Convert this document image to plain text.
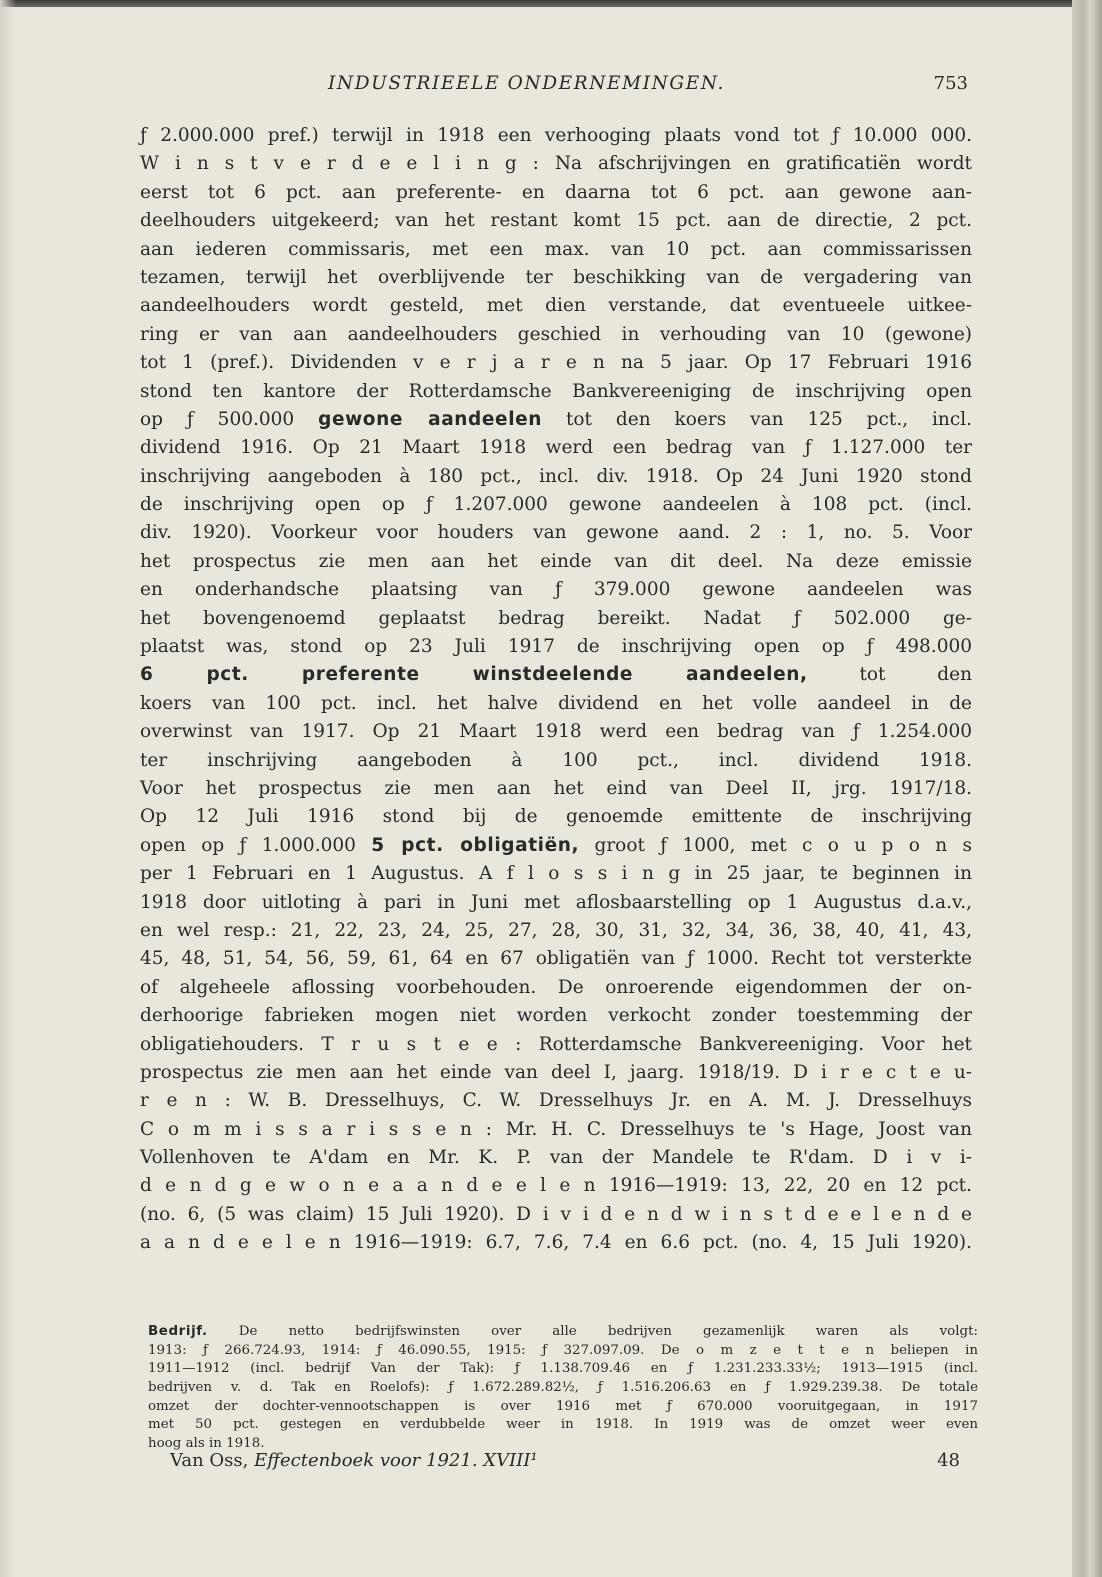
INDUSTRIEELE ONDERNEMINGEN.	753
ƒ 2.000.000 pref.) terwijl in 1918 een verhooging plaats vond tot ƒ 10.000 000.
W i n s t v e r d e e l i n g : Na afschrijvingen en gratificatiën wordt
eerst tot 6 pct. aan preferente- en daarna tot 6 pct. aan gewone aan-
deelhouders uitgekeerd; van het restant komt 15 pct. aan de directie, 2 pct.
aan iederen commissaris, met een max. van 10 pct. aan commissarissen
tezamen, terwijl het overblijvende ter beschikking van de vergadering van
aandeelhouders wordt gesteld, met dien verstande, dat eventueele uitkee-
ring er van aan aandeelhouders geschied in verhouding van 10 (gewone)
tot 1 (pref.). Dividenden v e r j a r e n na 5 jaar. Op 17 Februari 1916
stond ten kantore der Rotterdamsche Bankvereeniging de inschrijving open
op ƒ 500.000 gewone aandeelen tot den koers van 125 pct., incl.
dividend 1916. Op 21 Maart 1918 werd een bedrag van ƒ 1.127.000 ter
inschrijving aangeboden à 180 pct., incl. div. 1918. Op 24 Juni 1920 stond
de inschrijving open op ƒ 1.207.000 gewone aandeelen à 108 pct. (incl.
div. 1920). Voorkeur voor houders van gewone aand. 2 : 1, no. 5. Voor
het prospectus zie men aan het einde van dit deel. Na deze emissie
en onderhandsche plaatsing van ƒ 379.000 gewone aandeelen was
het bovengenoemd geplaatst bedrag bereikt. Nadat ƒ 502.000 ge-
plaatst was, stond op 23 Juli 1917 de inschrijving open op ƒ 498.000
6 pct. preferente winstdeelende aandeelen, tot den
koers van 100 pct. incl. het halve dividend en het volle aandeel in de
overwinst van 1917. Op 21 Maart 1918 werd een bedrag van ƒ 1.254.000
ter inschrijving aangeboden à 100 pct., incl. dividend 1918.
Voor het prospectus zie men aan het eind van Deel II, jrg. 1917/18.
Op 12 Juli 1916 stond bij de genoemde emittente de inschrijving
open op ƒ 1.000.000 5 pct. obligatiën, groot ƒ 1000, met c o u p o n s
per 1 Februari en 1 Augustus. A f l o s s i n g in 25 jaar, te beginnen in
1918 door uitloting à pari in Juni met aflosbaarstelling op 1 Augustus d.a.v.,
en wel resp.: 21, 22, 23, 24, 25, 27, 28, 30, 31, 32, 34, 36, 38, 40, 41, 43,
45, 48, 51, 54, 56, 59, 61, 64 en 67 obligatiën van ƒ 1000. Recht tot versterkte
of algeheele aflossing voorbehouden. De onroerende eigendommen der on-
derhoorige fabrieken mogen niet worden verkocht zonder toestemming der
obligatiehouders. T r u s t e e : Rotterdamsche Bankvereeniging. Voor het
prospectus zie men aan het einde van deel I, jaarg. 1918/19. D i r e c t e u-
r e n : W. B. Dresselhuys, C. W. Dresselhuys Jr. en A. M. J. Dresselhuys
C o m m i s s a r i s s e n : Mr. H. C. Dresselhuys te 's Hage, Joost van
Vollenhoven te A'dam en Mr. K. P. van der Mandele te R'dam. D i v i-
d e n d g e w o n e a a n d e e l e n 1916—1919: 13, 22, 20 en 12 pct.
(no. 6, (5 was claim) 15 Juli 1920). D i v i d e n d w i n s t d e e l e n d e
a a n d e e l e n 1916—1919: 6.7, 7.6, 7.4 en 6.6 pct. (no. 4, 15 Juli 1920).
Bedrijf. De netto bedrijfswinsten over alle bedrijven gezamenlijk waren als volgt:
1913: ƒ 266.724.93, 1914: ƒ 46.090.55, 1915: ƒ 327.097.09. De o m z e t t e n beliepen in
1911—1912 (incl. bedrijf Van der Tak): ƒ 1.138.709.46 en ƒ 1.231.233.33½; 1913—1915 (incl.
bedrijven v. d. Tak en Roelofs): ƒ 1.672.289.82½, ƒ 1.516.206.63 en ƒ 1.929.239.38. De totale
omzet der dochter-vennootschappen is over 1916 met ƒ 670.000 vooruitgegaan, in 1917
met 50 pct. gestegen en verdubbelde weer in 1918. In 1919 was de omzet weer even
hoog als in 1918.
Van Oss, Effectenboek voor 1921. XVIII¹	48
